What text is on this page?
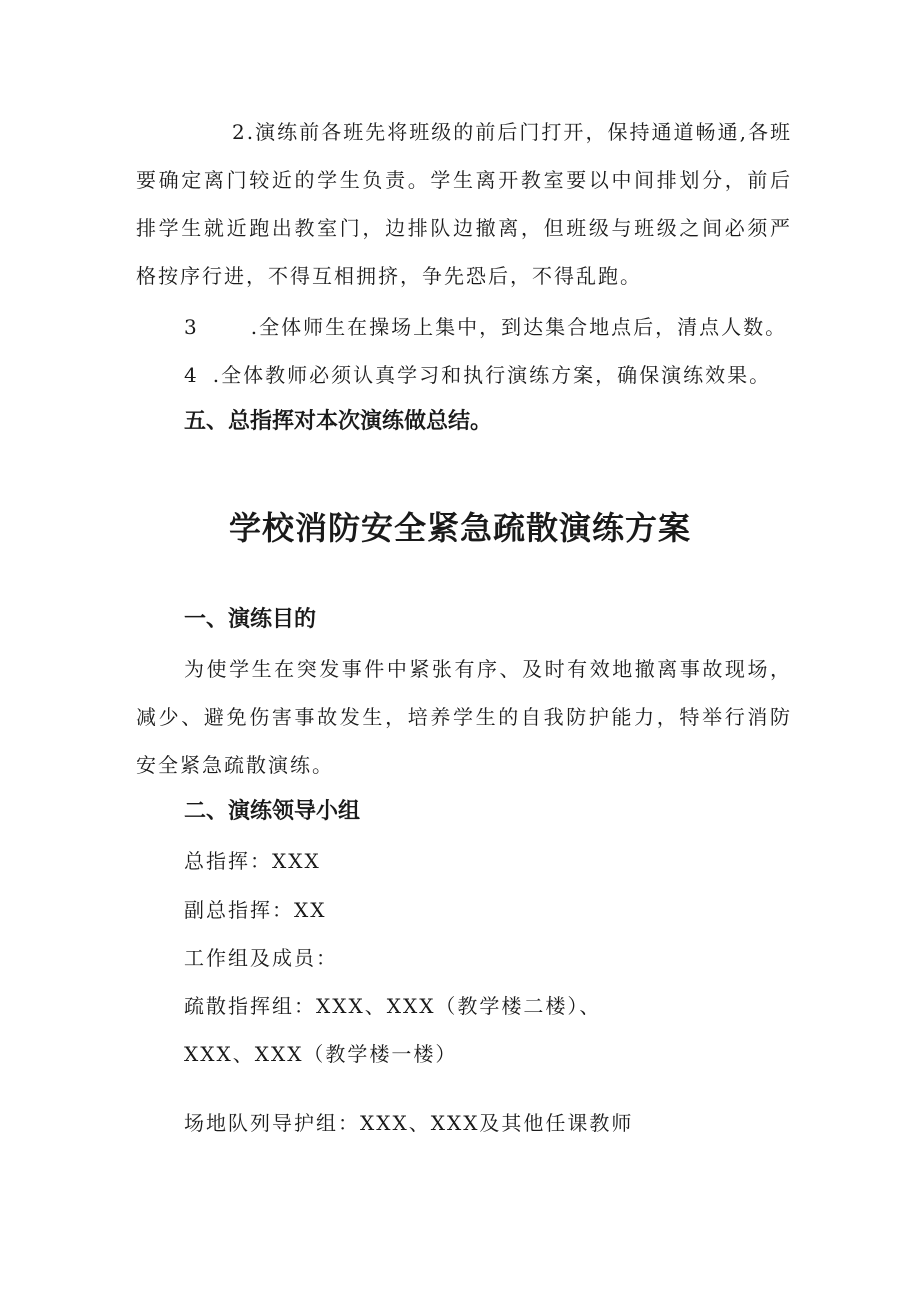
2.演练前各班先将班级的前后门打开，保持通道畅通,各班要确定离门较近的学生负责。学生离开教室要以中间排划分，前后排学生就近跑出教室门，边排队边撤离，但班级与班级之间必须严格按序行进，不得互相拥挤，争先恐后，不得乱跑。

3	.全体师生在操场上集中，到达集合地点后，清点人数。

4 .全体教师必须认真学习和执行演练方案，确保演练效果。

五、总指挥对本次演练做总结。
学校消防安全紧急疏散演练方案
一、演练目的

为使学生在突发事件中紧张有序、及时有效地撤离事故现场，减少、避免伤害事故发生，培养学生的自我防护能力，特举行消防安全紧急疏散演练。

二、演练领导小组

总指挥：XXX

副总指挥：XX

工作组及成员：

疏散指挥组：XXX、XXX（教学楼二楼）、

XXX、XXX（教学楼一楼）

场地队列导护组：XXX、XXX及其他任课教师
